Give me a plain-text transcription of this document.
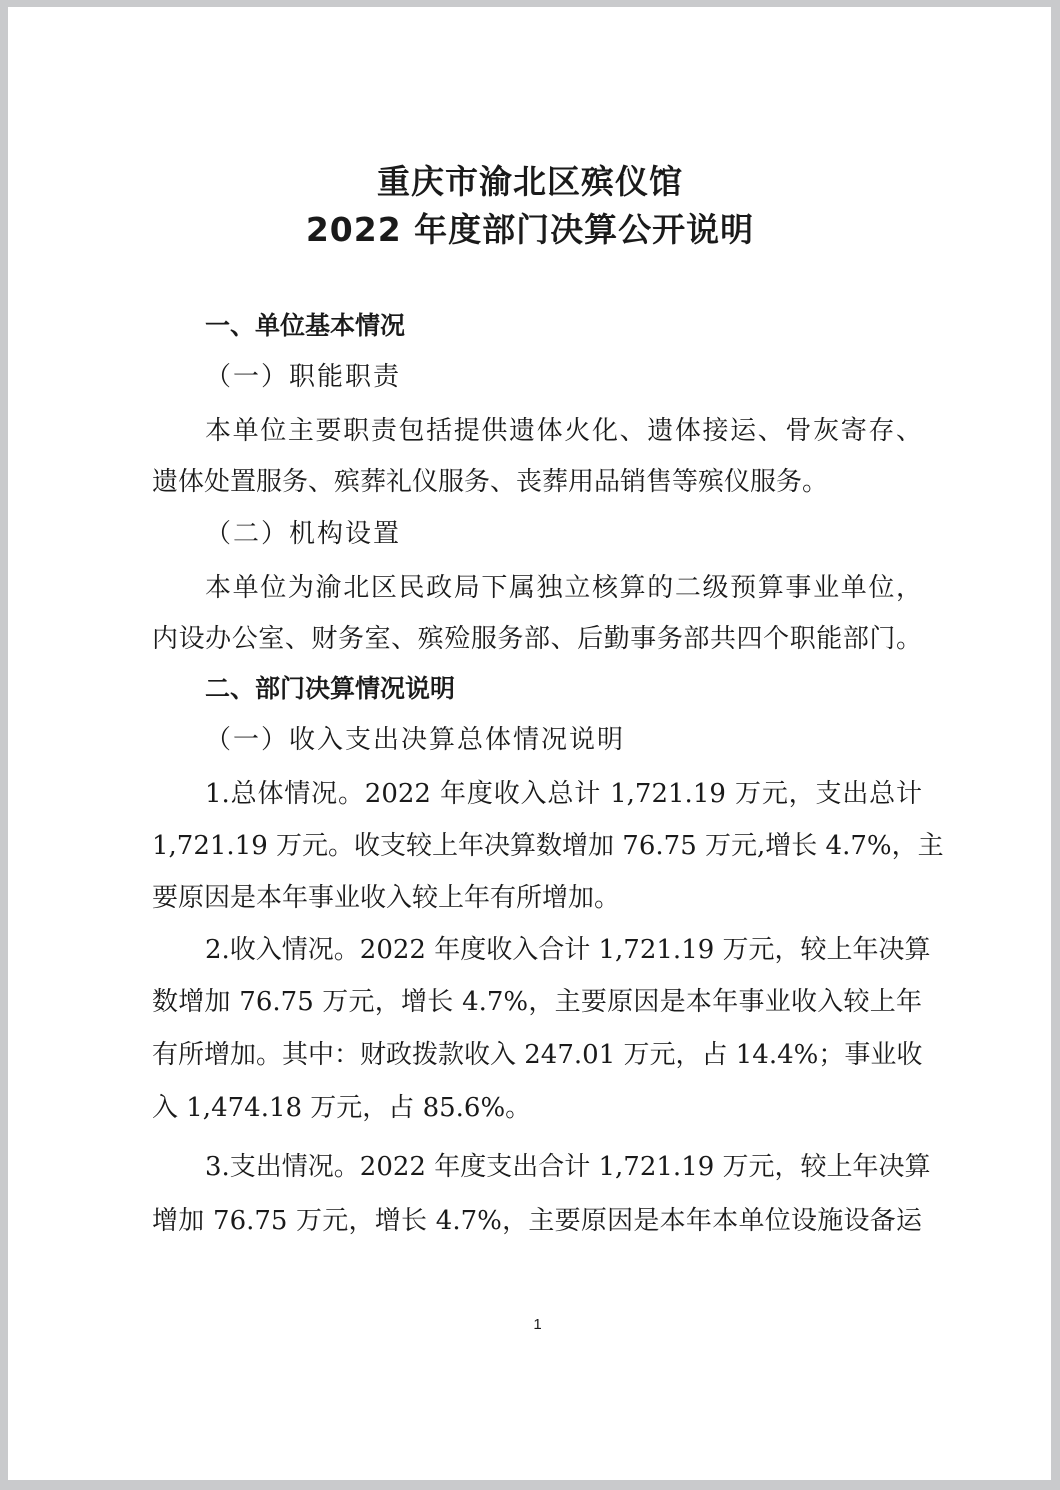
重庆市渝北区殡仪馆
2022 年度部门决算公开说明

一、单位基本情况

（一）职能职责

本单位主要职责包括提供遗体火化、遗体接运、骨灰寄存、

遗体处置服务、殡葬礼仪服务、丧葬用品销售等殡仪服务。

（二）机构设置

本单位为渝北区民政局下属独立核算的二级预算事业单位，

内设办公室、财务室、殡殓服务部、后勤事务部共四个职能部门。

二、部门决算情况说明

（一）收入支出决算总体情况说明

1.总体情况。2022 年度收入总计 1,721.19 万元，支出总计

1,721.19 万元。收支较上年决算数增加 76.75 万元,增长 4.7%，主

要原因是本年事业收入较上年有所增加。

2.收入情况。2022 年度收入合计 1,721.19 万元，较上年决算

数增加 76.75 万元，增长 4.7%，主要原因是本年事业收入较上年

有所增加。其中：财政拨款收入 247.01 万元，占 14.4%；事业收

入 1,474.18 万元，占 85.6%。

3.支出情况。2022 年度支出合计 1,721.19 万元，较上年决算

增加 76.75 万元，增长 4.7%，主要原因是本年本单位设施设备运

1
